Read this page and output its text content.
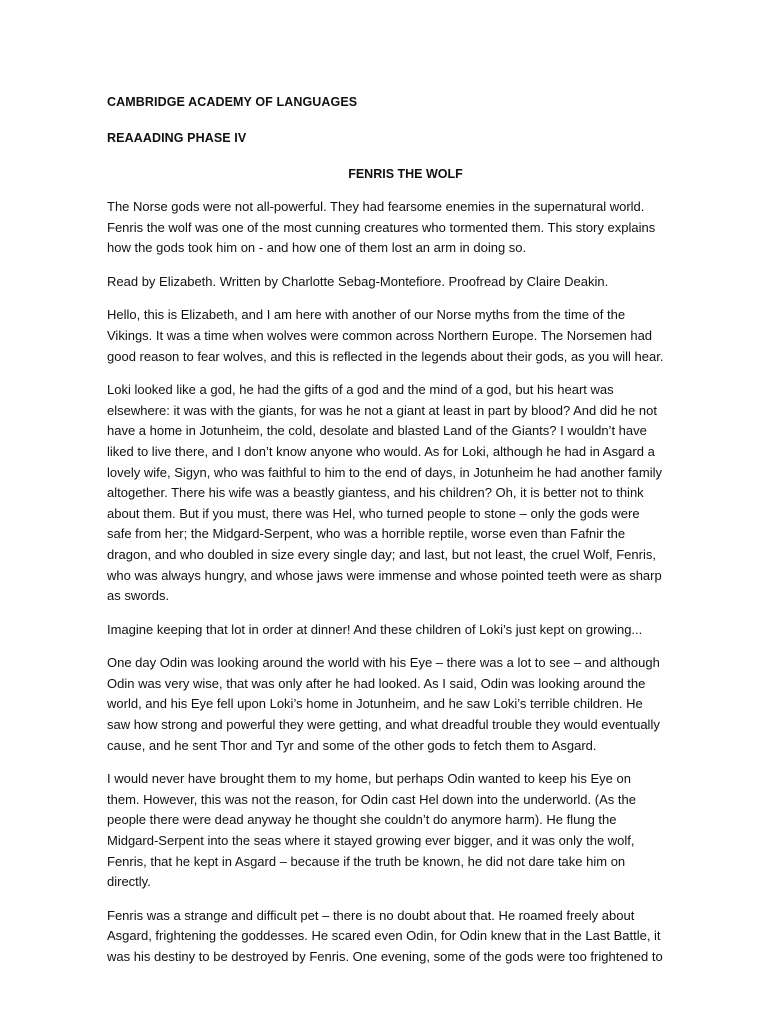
CAMBRIDGE ACADEMY OF LANGUAGES
REAAADING PHASE IV
FENRIS THE WOLF

The Norse gods were not all-powerful. They had fearsome enemies in the supernatural world. Fenris the wolf was one of the most cunning creatures who tormented them. This story explains how the gods took him on - and how one of them lost an arm in doing so.

Read by Elizabeth. Written by Charlotte Sebag-Montefiore. Proofread by Claire Deakin.

Hello, this is Elizabeth, and I am here with another of our Norse myths from the time of the Vikings. It was a time when wolves were common across Northern Europe. The Norsemen had good reason to fear wolves, and this is reflected in the legends about their gods, as you will hear.

Loki looked like a god, he had the gifts of a god and the mind of a god, but his heart was elsewhere: it was with the giants, for was he not a giant at least in part by blood? And did he not have a home in Jotunheim, the cold, desolate and blasted Land of the Giants? I wouldn’t have liked to live there, and I don’t know anyone who would. As for Loki, although he had in Asgard a lovely wife, Sigyn, who was faithful to him to the end of days, in Jotunheim he had another family altogether. There his wife was a beastly giantess, and his children? Oh, it is better not to think about them. But if you must, there was Hel, who turned people to stone – only the gods were safe from her; the Midgard-Serpent, who was a horrible reptile, worse even than Fafnir the dragon, and who doubled in size every single day; and last, but not least, the cruel Wolf, Fenris, who was always hungry, and whose jaws were immense and whose pointed teeth were as sharp as swords.

Imagine keeping that lot in order at dinner! And these children of Loki’s just kept on growing...

One day Odin was looking around the world with his Eye – there was a lot to see – and although Odin was very wise, that was only after he had looked. As I said, Odin was looking around the world, and his Eye fell upon Loki’s home in Jotunheim, and he saw Loki’s terrible children. He saw how strong and powerful they were getting, and what dreadful trouble they would eventually cause, and he sent Thor and Tyr and some of the other gods to fetch them to Asgard.

I would never have brought them to my home, but perhaps Odin wanted to keep his Eye on them. However, this was not the reason, for Odin cast Hel down into the underworld. (As the people there were dead anyway he thought she couldn’t do anymore harm). He flung the Midgard-Serpent into the seas where it stayed growing ever bigger, and it was only the wolf, Fenris, that he kept in Asgard – because if the truth be known, he did not dare take him on directly.

Fenris was a strange and difficult pet – there is no doubt about that. He roamed freely about Asgard, frightening the goddesses. He scared even Odin, for Odin knew that in the Last Battle, it was his destiny to be destroyed by Fenris. One evening, some of the gods were too frightened to
